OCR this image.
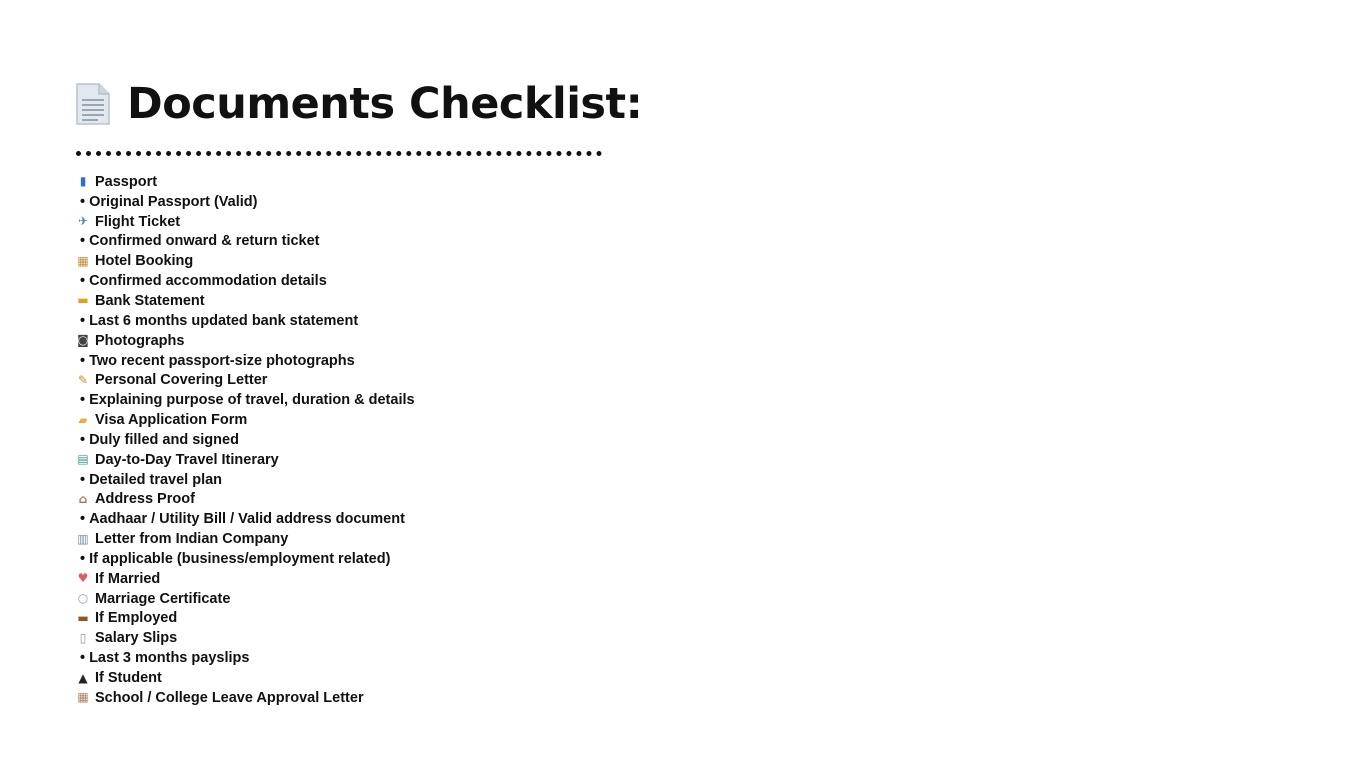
Documents Checklist:
▮ Passport
• Original Passport (Valid)
✈ Flight Ticket
• Confirmed onward & return ticket
▦ Hotel Booking
• Confirmed accommodation details
▬ Bank Statement
• Last 6 months updated bank statement
◙ Photographs
• Two recent passport-size photographs
✎ Personal Covering Letter
• Explaining purpose of travel, duration & details
▰ Visa Application Form
• Duly filled and signed
▤ Day-to-Day Travel Itinerary
• Detailed travel plan
⌂ Address Proof
• Aadhaar / Utility Bill / Valid address document
▥ Letter from Indian Company
• If applicable (business/employment related)
♥ If Married
○ Marriage Certificate
▬ If Employed
▯ Salary Slips
• Last 3 months payslips
▲ If Student
▦ School / College Leave Approval Letter
